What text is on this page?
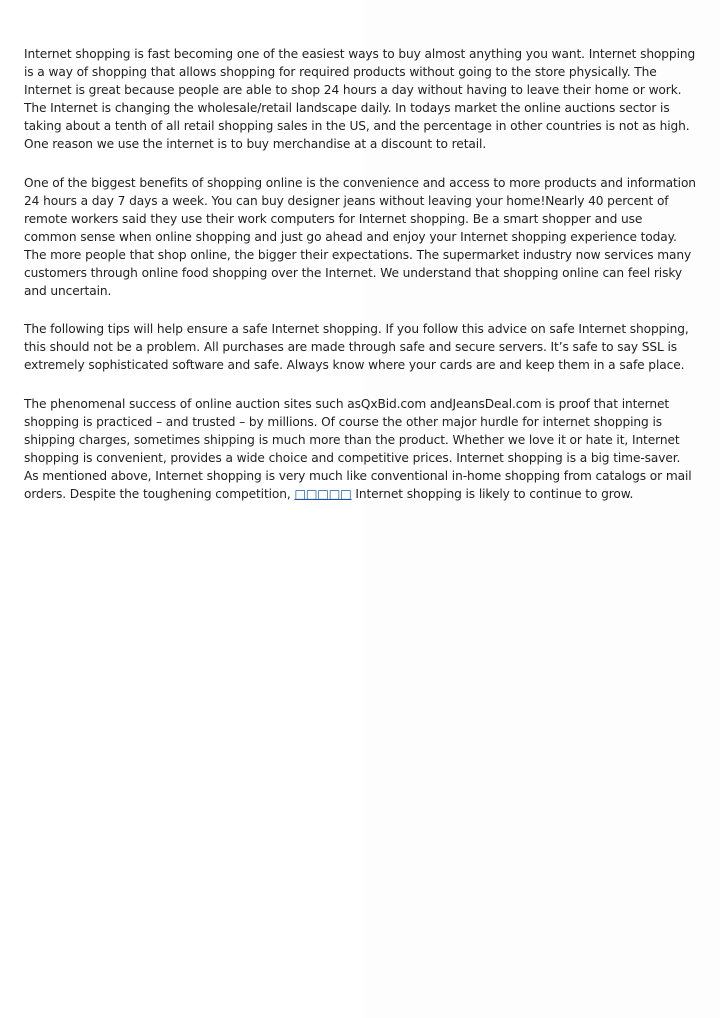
Internet shopping is fast becoming one of the easiest ways to buy almost anything you want. Internet shopping is a way of shopping that allows shopping for required products without going to the store physically. The Internet is great because people are able to shop 24 hours a day without having to leave their home or work. The Internet is changing the wholesale/retail landscape daily. In todays market the online auctions sector is taking about a tenth of all retail shopping sales in the US, and the percentage in other countries is not as high. One reason we use the internet is to buy merchandise at a discount to retail.

One of the biggest benefits of shopping online is the convenience and access to more products and information 24 hours a day 7 days a week. You can buy designer jeans without leaving your home!Nearly 40 percent of remote workers said they use their work computers for Internet shopping. Be a smart shopper and use common sense when online shopping and just go ahead and enjoy your Internet shopping experience today. The more people that shop online, the bigger their expectations. The supermarket industry now services many customers through online food shopping over the Internet. We understand that shopping online can feel risky and uncertain.

The following tips will help ensure a safe Internet shopping. If you follow this advice on safe Internet shopping, this should not be a problem. All purchases are made through safe and secure servers. It’s safe to say SSL is extremely sophisticated software and safe. Always know where your cards are and keep them in a safe place.

The phenomenal success of online auction sites such asQxBid.com andJeansDeal.com is proof that internet shopping is practiced – and trusted – by millions. Of course the other major hurdle for internet shopping is shipping charges, sometimes shipping is much more than the product. Whether we love it or hate it, Internet shopping is convenient, provides a wide choice and competitive prices. Internet shopping is a big time-saver. As mentioned above, Internet shopping is very much like conventional in-home shopping from catalogs or mail orders. Despite the toughening competition, □□□□□ Internet shopping is likely to continue to grow.
